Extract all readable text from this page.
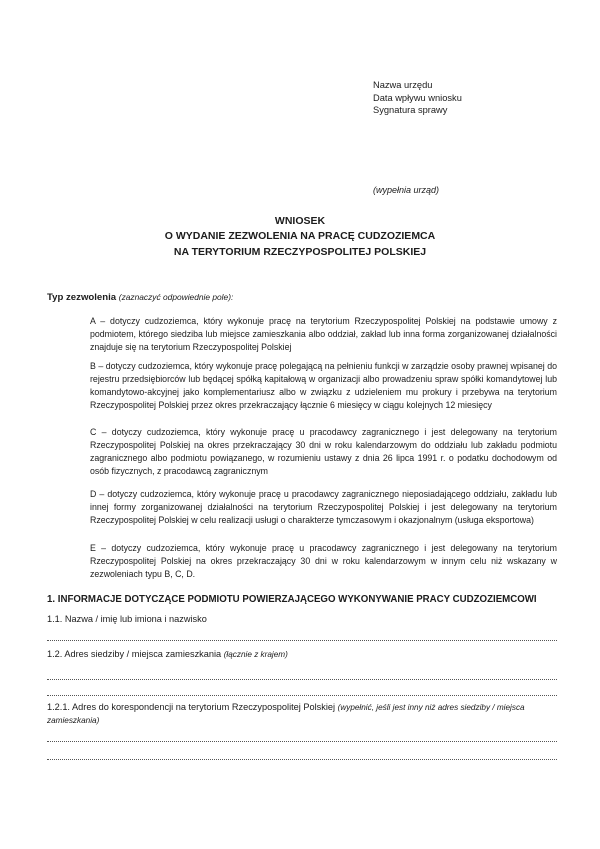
Nazwa urzędu
Data wpływu wniosku
Sygnatura sprawy
(wypełnia urząd)
WNIOSEK
O WYDANIE ZEZWOLENIA NA PRACĘ CUDZOZIEMCA
NA TERYTORIUM RZECZYPOSPOLITEJ POLSKIEJ
Typ zezwolenia (zaznaczyć odpowiednie pole):
A – dotyczy cudzoziemca, który wykonuje pracę na terytorium Rzeczypospolitej Polskiej na podstawie umowy z podmiotem, którego siedziba lub miejsce zamieszkania albo oddział, zakład lub inna forma zorganizowanej działalności znajduje się na terytorium Rzeczypospolitej Polskiej
B – dotyczy cudzoziemca, który wykonuje pracę polegającą na pełnieniu funkcji w zarządzie osoby prawnej wpisanej do rejestru przedsiębiorców lub będącej spółką kapitałową w organizacji albo prowadzeniu spraw spółki komandytowej lub komandytowo-akcyjnej jako komplementariusz albo w związku z udzieleniem mu prokury i przebywa na terytorium Rzeczypospolitej Polskiej przez okres przekraczający łącznie 6 miesięcy w ciągu kolejnych 12 miesięcy
C – dotyczy cudzoziemca, który wykonuje pracę u pracodawcy zagranicznego i jest delegowany na terytorium Rzeczypospolitej Polskiej na okres przekraczający 30 dni w roku kalendarzowym do oddziału lub zakładu podmiotu zagranicznego albo podmiotu powiązanego, w rozumieniu ustawy z dnia 26 lipca 1991 r. o podatku dochodowym od osób fizycznych, z pracodawcą zagranicznym
D – dotyczy cudzoziemca, który wykonuje pracę u pracodawcy zagranicznego nieposiadającego oddziału, zakładu lub innej formy zorganizowanej działalności na terytorium Rzeczypospolitej Polskiej i jest delegowany na terytorium Rzeczypospolitej Polskiej w celu realizacji usługi o charakterze tymczasowym i okazjonalnym (usługa eksportowa)
E – dotyczy cudzoziemca, który wykonuje pracę u pracodawcy zagranicznego i jest delegowany na terytorium Rzeczypospolitej Polskiej na okres przekraczający 30 dni w roku kalendarzowym w innym celu niż wskazany w zezwoleniach typu B, C, D.
1. INFORMACJE DOTYCZĄCE PODMIOTU POWIERZAJĄCEGO WYKONYWANIE PRACY CUDZOZIEMCOWI
1.1. Nazwa / imię lub imiona i nazwisko
1.2. Adres siedziby / miejsca zamieszkania (łącznie z krajem)
1.2.1. Adres do korespondencji na terytorium Rzeczypospolitej Polskiej (wypełnić, jeśli jest inny niż adres siedziby / miejsca zamieszkania)
